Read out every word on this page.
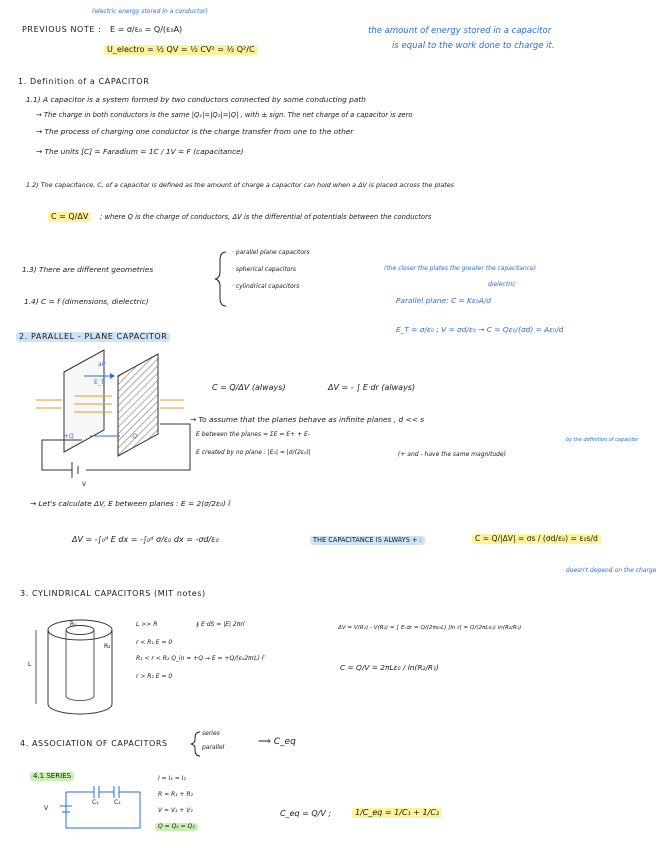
(electric energy stored in a conductor)
PREVIOUS NOTE : E = σ/ε₀ = Q/(ε₀A)
U_electro = ½ QV = ½ CV² = ½ Q²/C
the amount of energy stored in a capacitor
is equal to the work done to charge it.
1. Definition of a CAPACITOR
1.1) A capacitor is a system formed by two conductors connected by some conducting path
→ The charge in both conductors is the same |Q₁|=|Q₂|=|Q| , with ± sign. The net charge of a capacitor is zero
→ The process of charging one conductor is the charge transfer from one to the other
→ The units [C] = Faradium = 1C / 1V = F (capacitance)
1.2) The capacitance, C, of a capacitor is defined as the amount of charge a capacitor can hold when a ΔV is placed across the plates
C = Q/ΔV	; where Q is the charge of conductors, ΔV is the differential of potentials between the conductors
1.3) There are different geometries
· parallel plane capacitors
· spherical capacitors
· cylindrical capacitors
(the closer the plates the greater the capacitance)
dielectric
Parallel plane: C = Kε₀A/d
1.4) C = f (dimensions, dielectric)
E_T = σ/ε₀ ; V = σd/ε₀ → C = Qε₀/(σd) = Aε₀/d
2. PARALLEL - PLANE CAPACITOR
air
E_T
+Q	-Q
V
C = Q/ΔV (always)	ΔV = - ∫ E·dr (always)
→ To assume that the planes behave as infinite planes , d << s
E between the planes = ΣE = E+ + E-
E created by no plane : |E₀| = |σ/(2ε₀)|	(+ and - have the same magnitude)
by the definition of capacitor
→ Let's calculate ΔV, E between planes : E = 2(σ/2ε₀) î
ΔV = -∫₀ᵈ E dx = -∫₀ᵈ σ/ε₀ dx = -σd/ε₀	THE CAPACITANCE IS ALWAYS + :	C = Q/|ΔV| = σs / (σd/ε₀) = ε₀s/d
doesn't depend on the charge
3. CYLINDRICAL CAPACITORS (MIT notes)
R₁
L
R₂
L >> R	∮ E·dS = |E| 2πrl
r < R₁ E = 0
R₁ < r < R₂ Q_in = +Q → E = +Q/(ε₀2πrL) r̂
r > R₂ E = 0
ΔV = V(R₁) - V(R₂) = ∫ E·dr = Q/(2πε₀L) [ln r] = Q/(2πLε₀) ln(R₂/R₁)
C = Q/V = 2πLε₀ / ln(R₂/R₁)
4. ASSOCIATION OF CAPACITORS
series
parallel
⟹ C_eq
4.1 SERIES
C₁	C₂
V
I = I₁ = I₂
R = R₁ + R₂
V = V₁ + V₂
Q = Q₁ = Q₂
C_eq = Q/V ;	1/C_eq = 1/C₁ + 1/C₂
